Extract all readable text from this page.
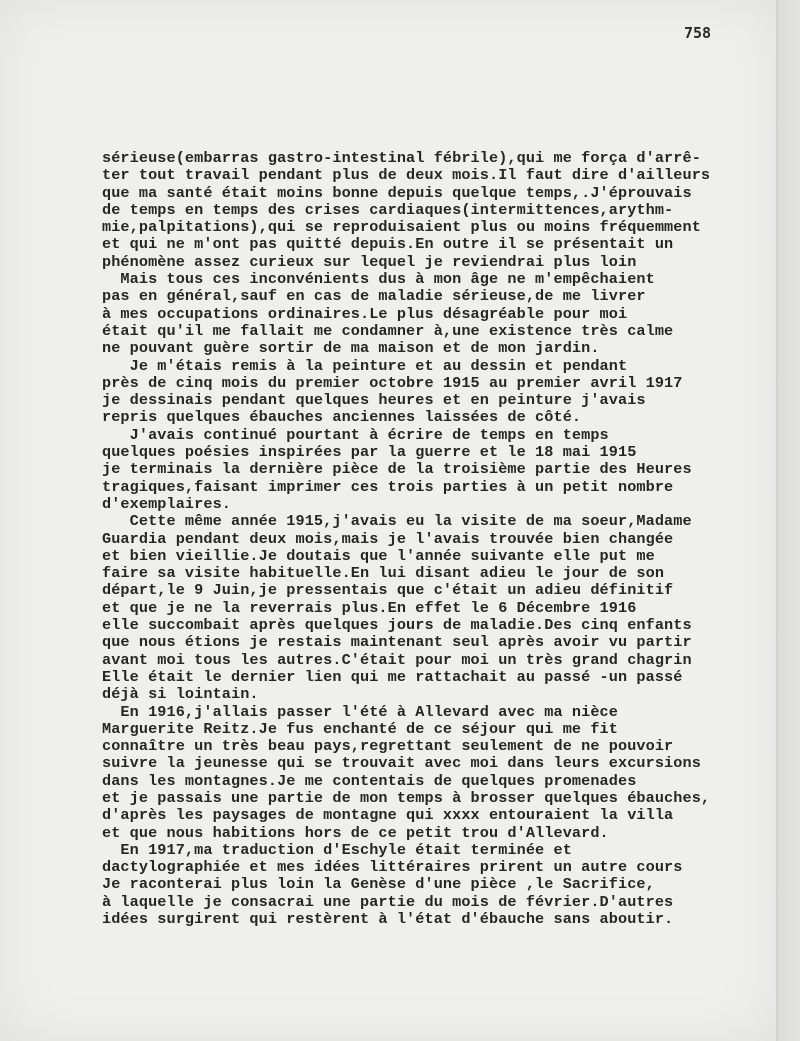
758
sérieuse(embarras gastro-intestinal fébrile),qui me força d'arrê-
ter tout travail pendant plus de deux mois.Il faut dire d'ailleurs
que ma santé était moins bonne depuis quelque temps,.J'éprouvais
de temps en temps des crises cardiaques(intermittences,arythm-
mie,palpitations),qui se reproduisaient plus ou moins fréquemment
et qui ne m'ont pas quitté depuis.En outre il se présentait un
phénomène assez curieux sur lequel je reviendrai plus loin
Mais tous ces inconvénients dus à mon âge ne m'empêchaient
pas en général,sauf en cas de maladie sérieuse,de me livrer
à mes occupations ordinaires.Le plus désagréable pour moi
était qu'il me fallait me condamner à,une existence très calme
ne pouvant guère sortir de ma maison et de mon jardin.
Je m'étais remis à la peinture et au dessin et pendant
près de cinq mois du premier octobre 1915 au premier avril 1917
je dessinais pendant quelques heures et en peinture j'avais
repris quelques ébauches anciennes laissées de côté.
J'avais continué pourtant à écrire de temps en temps
quelques poésies inspirées par la guerre et le 18 mai 1915
je terminais la dernière pièce de la troisième partie des Heures
tragiques,faisant imprimer ces trois parties à un petit nombre
d'exemplaires.
Cette même année 1915,j'avais eu la visite de ma soeur,Madame
Guardia pendant deux mois,mais je l'avais trouvée bien changée
et bien vieillie.Je doutais que l'année suivante elle put me
faire sa visite habituelle.En lui disant adieu le jour de son
départ,le 9 Juin,je pressentais que c'était un adieu définitif
et que je ne la reverrais plus.En effet le 6 Décembre 1916
elle succombait après quelques jours de maladie.Des cinq enfants
que nous étions je restais maintenant seul après avoir vu partir
avant moi tous les autres.C'était pour moi un très grand chagrin
Elle était le dernier lien qui me rattachait au passé -un passé
déjà si lointain.
En 1916,j'allais passer l'été à Allevard avec ma nièce
Marguerite Reitz.Je fus enchanté de ce séjour qui me fit
connaître un très beau pays,regrettant seulement de ne pouvoir
suivre la jeunesse qui se trouvait avec moi dans leurs excursions
dans les montagnes.Je me contentais de quelques promenades
et je passais une partie de mon temps à brosser quelques ébauches,
d'après les paysages de montagne qui xxxx entouraient la villa
et que nous habitions hors de ce petit trou d'Allevard.
En 1917,ma traduction d'Eschyle était terminée et
dactylographiée et mes idées littéraires prirent un autre cours
Je raconterai plus loin la Genèse d'une pièce ,le Sacrifice,
à laquelle je consacrai une partie du mois de février.D'autres
idées surgirent qui restèrent à l'état d'ébauche sans aboutir.
